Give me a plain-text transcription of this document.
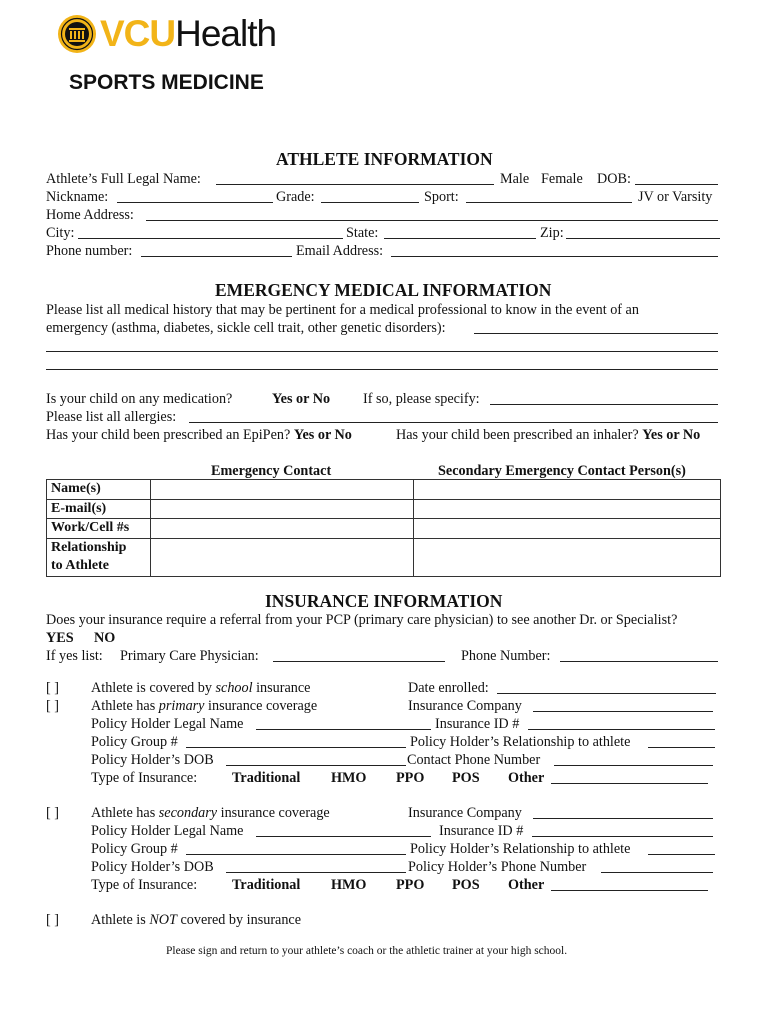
VCUHealth
SPORTS MEDICINE
ATHLETE INFORMATION
Athlete’s Full Legal Name:	Male Female DOB:
Nickname:	Grade:	Sport:	JV or Varsity
Home Address:
City:	State:	Zip:
Phone number:	Email Address:
EMERGENCY MEDICAL INFORMATION
Please list all medical history that may be pertinent for a medical professional to know in the event of an
emergency (asthma, diabetes, sickle cell trait, other genetic disorders):
Is your child on any medication?	Yes or No If so, please specify:
Please list all allergies:
Has your child been prescribed an EpiPen? Yes or No	Has your child been prescribed an inhaler? Yes or No
Emergency Contact	Secondary Emergency Contact Person(s)
Name(s)		
E-mail(s)		
Work/Cell #s		
Relationship
to Athlete		
INSURANCE INFORMATION
Does your insurance require a referral from your PCP (primary care physician) to see another Dr. or Specialist?
YES NO
If yes list: Primary Care Physician:	Phone Number:
[ ] Athlete is covered by school insurance	Date enrolled:
[ ] Athlete has primary insurance coverage	Insurance Company
Policy Holder Legal Name	Insurance ID #
Policy Group #	Policy Holder’s Relationship to athlete
Policy Holder’s DOB	Contact Phone Number
Type of Insurance: Traditional HMO PPO POS Other
[ ] Athlete has secondary insurance coverage	Insurance Company
Policy Holder Legal Name	Insurance ID #
Policy Group #	Policy Holder’s Relationship to athlete
Policy Holder’s DOB	Policy Holder’s Phone Number
Type of Insurance: Traditional HMO PPO POS Other
[ ] Athlete is NOT covered by insurance
Please sign and return to your athlete’s coach or the athletic trainer at your high school.
